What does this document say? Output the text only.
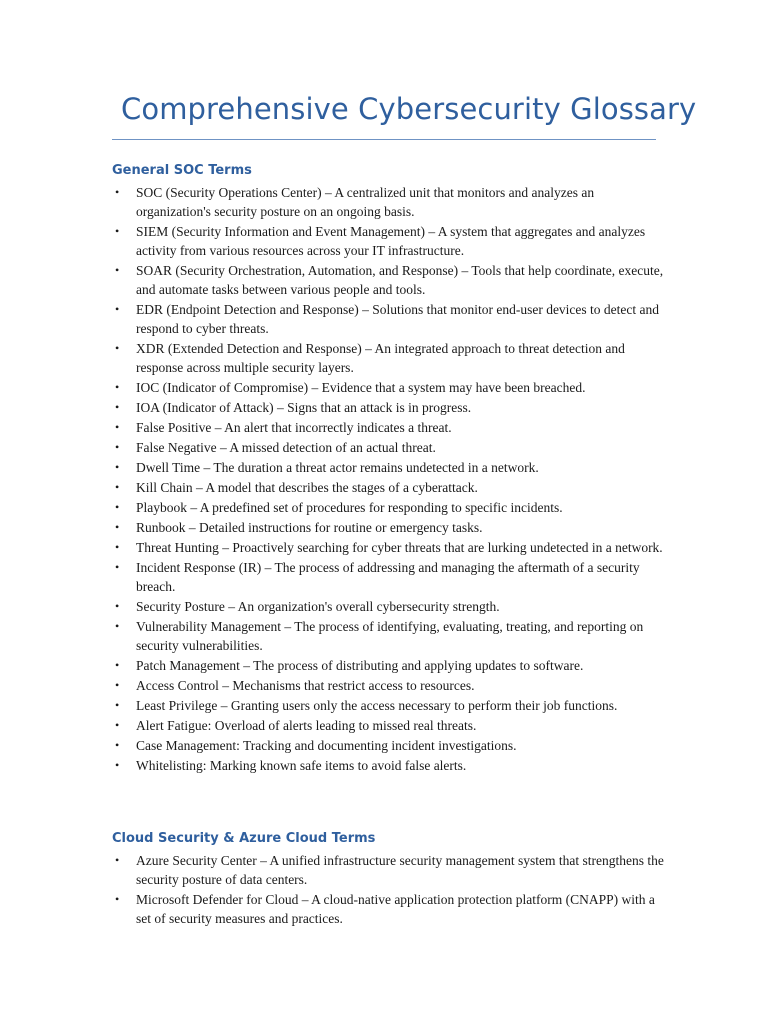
Comprehensive Cybersecurity Glossary
General SOC Terms
• SOC (Security Operations Center) – A centralized unit that monitors and analyzes an organization's security posture on an ongoing basis.
• SIEM (Security Information and Event Management) – A system that aggregates and analyzes activity from various resources across your IT infrastructure.
• SOAR (Security Orchestration, Automation, and Response) – Tools that help coordinate, execute, and automate tasks between various people and tools.
• EDR (Endpoint Detection and Response) – Solutions that monitor end-user devices to detect and respond to cyber threats.
• XDR (Extended Detection and Response) – An integrated approach to threat detection and response across multiple security layers.
• IOC (Indicator of Compromise) – Evidence that a system may have been breached.
• IOA (Indicator of Attack) – Signs that an attack is in progress.
• False Positive – An alert that incorrectly indicates a threat.
• False Negative – A missed detection of an actual threat.
• Dwell Time – The duration a threat actor remains undetected in a network.
• Kill Chain – A model that describes the stages of a cyberattack.
• Playbook – A predefined set of procedures for responding to specific incidents.
• Runbook – Detailed instructions for routine or emergency tasks.
• Threat Hunting – Proactively searching for cyber threats that are lurking undetected in a network.
• Incident Response (IR) – The process of addressing and managing the aftermath of a security breach.
• Security Posture – An organization's overall cybersecurity strength.
• Vulnerability Management – The process of identifying, evaluating, treating, and reporting on security vulnerabilities.
• Patch Management – The process of distributing and applying updates to software.
• Access Control – Mechanisms that restrict access to resources.
• Least Privilege – Granting users only the access necessary to perform their job functions.
• Alert Fatigue: Overload of alerts leading to missed real threats.
• Case Management: Tracking and documenting incident investigations.
• Whitelisting: Marking known safe items to avoid false alerts.
Cloud Security & Azure Cloud Terms
• Azure Security Center – A unified infrastructure security management system that strengthens the security posture of data centers.
• Microsoft Defender for Cloud – A cloud-native application protection platform (CNAPP) with a set of security measures and practices.
